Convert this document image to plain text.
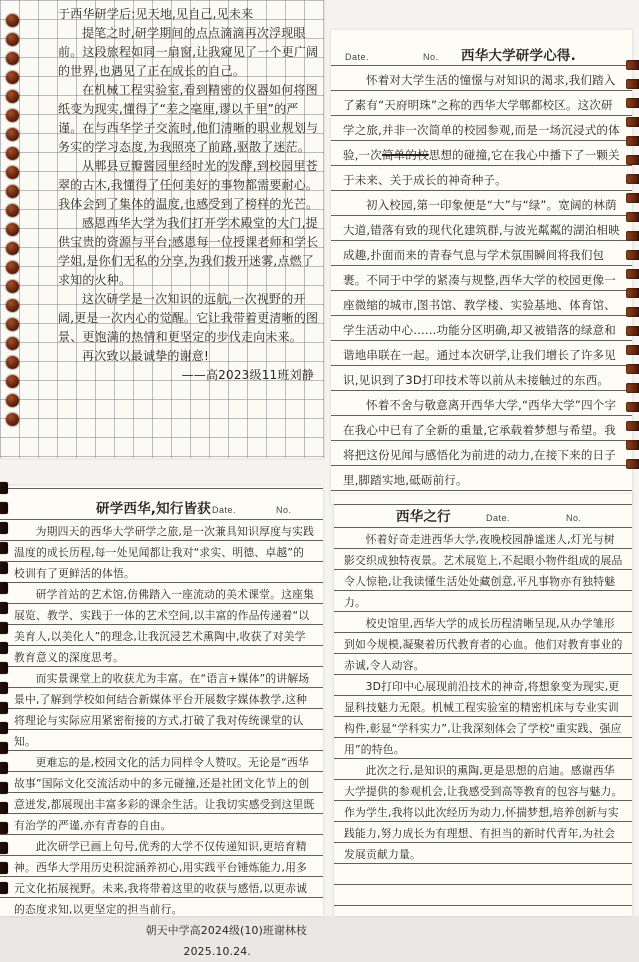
于西华研学后:见天地,见自己,见未来

提笔之时,研学期间的点点滴滴再次浮现眼前。这段旅程如同一扇窗,让我窥见了一个更广阔的世界,也遇见了正在成长的自己。

在机械工程实验室,看到精密的仪器如何将图纸变为现实,懂得了“差之毫厘,谬以千里”的严谨。在与西华学子交流时,他们清晰的职业规划与务实的学习态度,为我照亮了前路,驱散了迷茫。

从郫县豆瓣酱园里经时光的发酵,到校园里苍翠的古木,我懂得了任何美好的事物都需要耐心。我体会到了集体的温度,也感受到了榜样的光芒。

感恩西华大学为我们打开学术殿堂的大门,提供宝贵的资源与平台;感恩每一位授课老师和学长学姐,是你们无私的分享,为我们拨开迷雾,点燃了求知的火种。

这次研学是一次知识的远航,一次视野的开阔,更是一次内心的觉醒。它让我带着更清晰的图景、更饱满的热情和更坚定的步伐走向未来。

再次致以最诚挚的谢意!

——高2023级11班刘静
Date.	No. 西华大学研学心得.

怀着对大学生活的憧憬与对知识的渴求,我们踏入了素有“天府明珠”之称的西华大学郫都校区。这次研学之旅,并非一次简单的校园参观,而是一场沉浸式的体验,一次简单的校思想的碰撞,它在我心中播下了一颗关于未来、关于成长的神奇种子。

初入校园,第一印象便是“大”与“绿”。宽阔的林荫大道,错落有致的现代化建筑群,与波光粼粼的湖泊相映成趣,扑面而来的青春气息与学术氛围瞬间将我们包裹。不同于中学的紧凑与规整,西华大学的校园更像一座微缩的城市,图书馆、教学楼、实验基地、体育馆、学生活动中心……功能分区明确,却又被错落的绿意和谐地串联在一起。通过本次研学,让我们增长了许多见识,见识到了3D打印技术等以前从未接触过的东西。

怀着不舍与敬意离开西华大学,“西华大学”四个字在我心中已有了全新的重量,它承载着梦想与希望。我将把这份见闻与感悟化为前进的动力,在接下来的日子里,脚踏实地,砥砺前行。

研学西华,知行皆获 Date.	No.

为期四天的西华大学研学之旅,是一次兼具知识厚度与实践温度的成长历程,每一处见闻都让我对“求实、明德、卓越”的校训有了更鲜活的体悟。

研学首站的艺术馆,仿佛踏入一座流动的美术课堂。这座集展览、教学、实践于一体的艺术空间,以丰富的作品传递着“以美育人,以美化人”的理念,让我沉浸艺术熏陶中,收获了对美学教育意义的深度思考。

而实景课堂上的收获尤为丰富。在“语言+媒体”的讲解场景中,了解到学校如何结合新媒体平台开展数字媒体教学,这种将理论与实际应用紧密衔接的方式,打破了我对传统课堂的认知。

更难忘的是,校园文化的活力同样令人赞叹。无论是“西华故事”国际文化交流活动中的多元碰撞,还是社团文化节上的创意迸发,都展现出丰富多彩的课余生活。让我切实感受到这里既有治学的严谨,亦有青春的自由。

此次研学已画上句号,优秀的大学不仅传递知识,更培育精神。西华大学用历史积淀涵养初心,用实践平台锤炼能力,用多元文化拓展视野。未来,我将带着这里的收获与感悟,以更赤诚的态度求知,以更坚定的担当前行。

朝天中学高2024级(10)班谢林枝
2025.10.24.
西华之行	Date.	No.

怀着好奇走进西华大学,夜晚校园静谧迷人,灯光与树影交织成独特夜景。艺术展览上,不起眼小物件组成的展品令人惊艳,让我读懂生活处处藏创意,平凡事物亦有独特魅力。

校史馆里,西华大学的成长历程清晰呈现,从办学雏形到如今规模,凝聚着历代教育者的心血。他们对教育事业的赤诚,令人动容。

3D打印中心展现前沿技术的神奇,将想象变为现实,更显科技魅力无限。机械工程实验室的精密机床与专业实训构件,彰显“学科实力”,让我深刻体会了学校“重实践、强应用”的特色。

此次之行,是知识的熏陶,更是思想的启迪。感谢西华大学提供的参观机会,让我感受到高等教育的包容与魅力。作为学生,我将以此次经历为动力,怀揣梦想,培养创新与实践能力,努力成长为有理想、有担当的新时代青年,为社会发展贡献力量。
